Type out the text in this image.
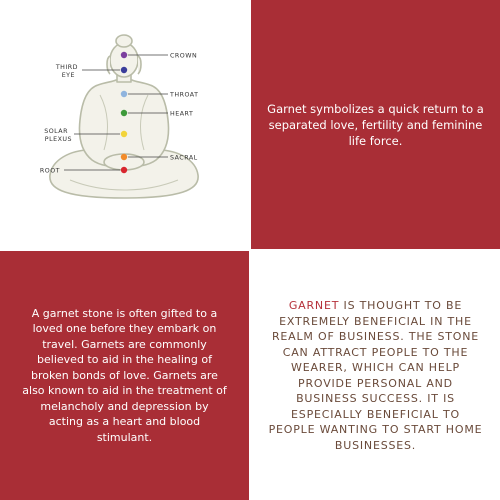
CROWN
THIRD
EYE
THROAT
HEART
SOLAR
PLEXUS
SACRAL
ROOT
Garnet symbolizes a quick return to a separated love, fertility and feminine life force.
A garnet stone is often gifted to a loved one before they embark on travel. Garnets are commonly believed to aid in the healing of broken bonds of love. Garnets are also known to aid in the treatment of melancholy and depression by acting as a heart and blood stimulant.
GARNET IS THOUGHT TO BE EXTREMELY BENEFICIAL IN THE REALM OF BUSINESS. THE STONE CAN ATTRACT PEOPLE TO THE WEARER, WHICH CAN HELP PROVIDE PERSONAL AND BUSINESS SUCCESS. IT IS ESPECIALLY BENEFICIAL TO PEOPLE WANTING TO START HOME BUSINESSES.
